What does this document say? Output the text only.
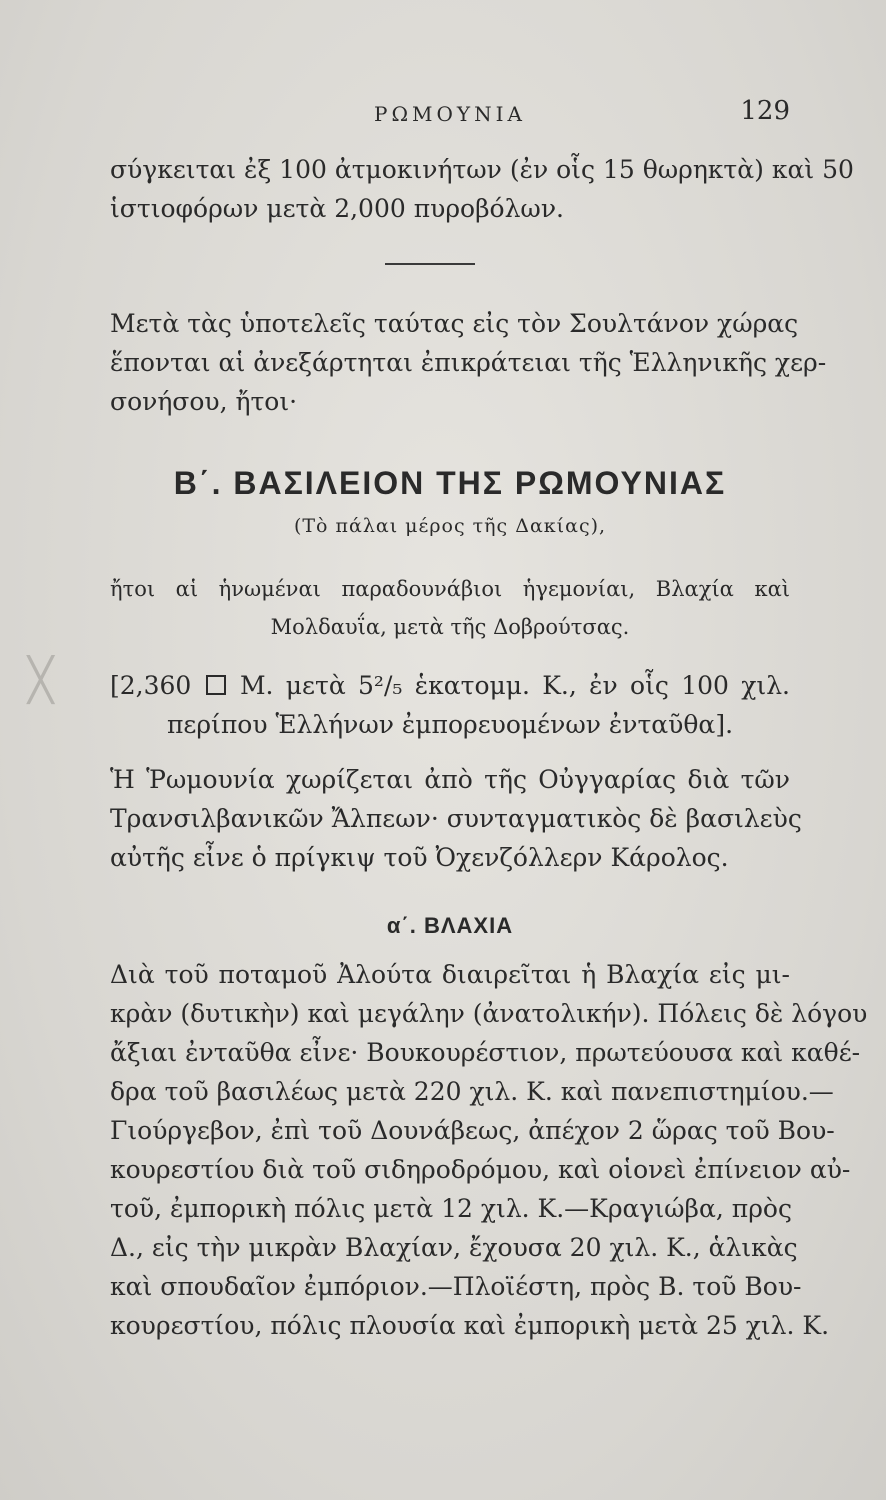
ΡΩΜΟΥΝΙΑ	129
σύγκειται ἐξ 100 ἀτμοκινήτων (ἐν οἷς 15 θωρηκτὰ) καὶ 50
ἱστιοφόρων μετὰ 2,000 πυροβόλων.
Μετὰ τὰς ὑποτελεῖς ταύτας εἰς τὸν Σουλτάνον χώρας
ἕπονται αἱ ἀνεξάρτηται ἐπικράτειαι τῆς Ἑλληνικῆς χερ-
σονήσου, ἤτοι·
Β΄. ΒΑΣΙΛΕΙΟΝ ΤΗΣ ΡΩΜΟΥΝΙΑΣ
(Τὸ πάλαι μέρος τῆς Δακίας),
ἤτοι αἱ ἡνωμέναι παραδουνάβιοι ἡγεμονίαι, Βλαχία καὶ
Μολδαυΐα, μετὰ τῆς Δοβρούτσας.
╳ [2,360 Μ. μετὰ 5²/₅ ἑκατομμ. Κ., ἐν οἷς 100 χιλ.
περίπου Ἑλλήνων ἐμπορευομένων ἐνταῦθα].
Ἡ Ῥωμουνία χωρίζεται ἀπὸ τῆς Οὐγγαρίας διὰ τῶν
Τρανσιλβανικῶν Ἄλπεων· συνταγματικὸς δὲ βασιλεὺς
αὐτῆς εἶνε ὁ πρίγκιψ τοῦ Ὀχενζόλλερν Κάρολος.
α΄. ΒΛΑΧΙΑ
Διὰ τοῦ ποταμοῦ Ἀλούτα διαιρεῖται ἡ Βλαχία εἰς μι-
κρὰν (δυτικὴν) καὶ μεγάλην (ἀνατολικήν). Πόλεις δὲ λόγου
ἄξιαι ἐνταῦθα εἶνε· Βουκουρέστιον, πρωτεύουσα καὶ καθέ-
δρα τοῦ βασιλέως μετὰ 220 χιλ. Κ. καὶ πανεπιστημίου.—
Γιούργεβον, ἐπὶ τοῦ Δουνάβεως, ἀπέχον 2 ὥρας τοῦ Βου-
κουρεστίου διὰ τοῦ σιδηροδρόμου, καὶ οἱονεὶ ἐπίνειον αὐ-
τοῦ, ἐμπορικὴ πόλις μετὰ 12 χιλ. Κ.—Κραγιώβα, πρὸς
Δ., εἰς τὴν μικρὰν Βλαχίαν, ἔχουσα 20 χιλ. Κ., ἁλικὰς
καὶ σπουδαῖον ἐμπόριον.—Πλοϊέστη, πρὸς Β. τοῦ Βου-
κουρεστίου, πόλις πλουσία καὶ ἐμπορικὴ μετὰ 25 χιλ. Κ.
